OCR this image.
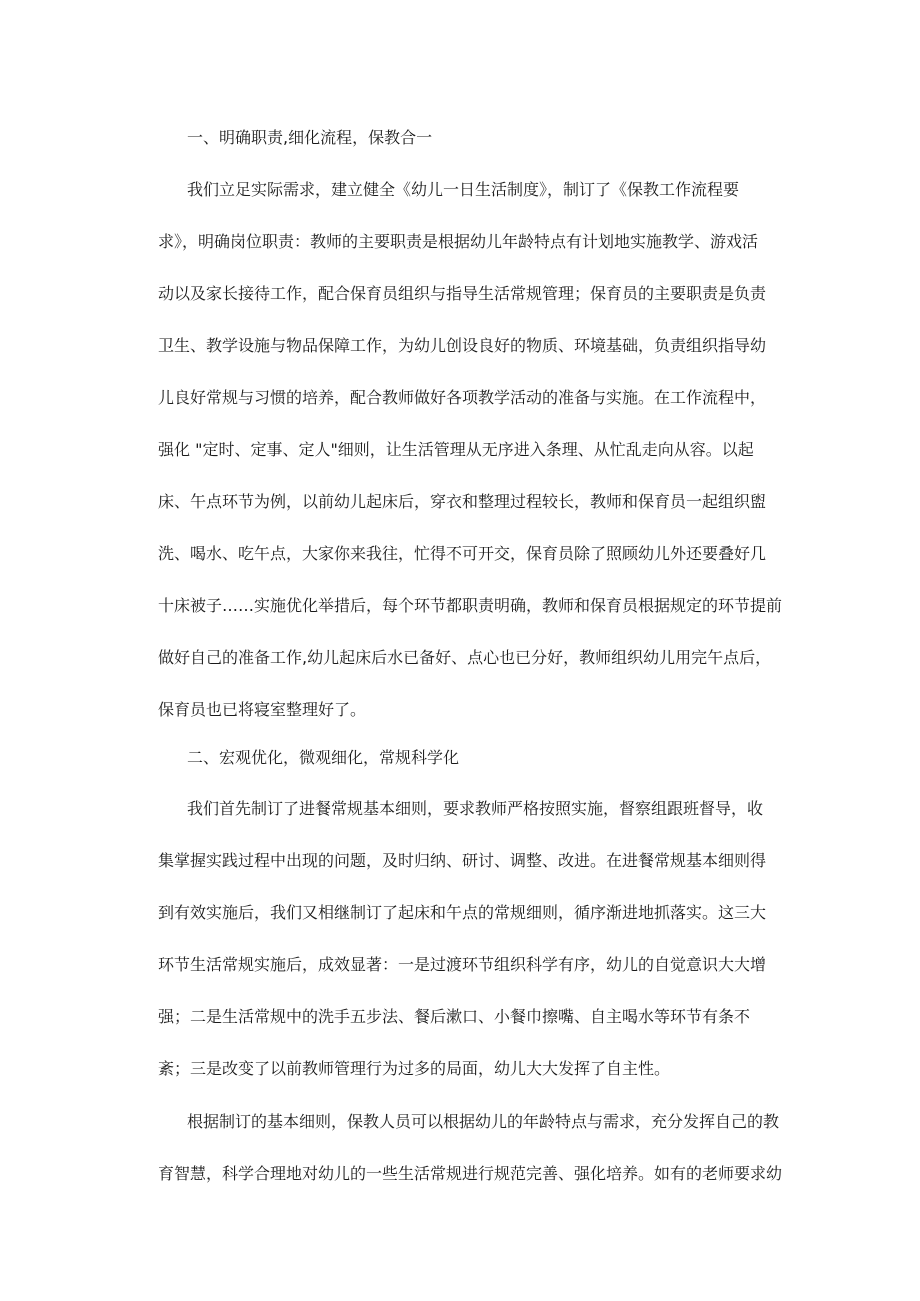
一、明确职责,细化流程，保教合一
我们立足实际需求，建立健全《幼儿一日生活制度》，制订了《保教工作流程要
求》，明确岗位职责：教师的主要职责是根据幼儿年龄特点有计划地实施教学、游戏活
动以及家长接待工作，配合保育员组织与指导生活常规管理；保育员的主要职责是负责
卫生、教学设施与物品保障工作，为幼儿创设良好的物质、环境基础，负责组织指导幼
儿良好常规与习惯的培养，配合教师做好各项教学活动的准备与实施。在工作流程中，
强化 "定时、定事、定人"细则，让生活管理从无序进入条理、从忙乱走向从容。以起
床、午点环节为例，以前幼儿起床后，穿衣和整理过程较长，教师和保育员一起组织盥
洗、喝水、吃午点，大家你来我往，忙得不可开交，保育员除了照顾幼儿外还要叠好几
十床被子……实施优化举措后，每个环节都职责明确，教师和保育员根据规定的环节提前
做好自己的准备工作,幼儿起床后水已备好、点心也已分好，教师组织幼儿用完午点后，
保育员也已将寝室整理好了。
二、宏观优化，微观细化，常规科学化
我们首先制订了进餐常规基本细则，要求教师严格按照实施，督察组跟班督导，收
集掌握实践过程中出现的问题，及时归纳、研讨、调整、改进。在进餐常规基本细则得
到有效实施后，我们又相继制订了起床和午点的常规细则，循序渐进地抓落实。这三大
环节生活常规实施后，成效显著：一是过渡环节组织科学有序，幼儿的自觉意识大大增
强；二是生活常规中的洗手五步法、餐后漱口、小餐巾擦嘴、自主喝水等环节有条不
紊；三是改变了以前教师管理行为过多的局面，幼儿大大发挥了自主性。
根据制订的基本细则，保教人员可以根据幼儿的年龄特点与需求，充分发挥自己的教
育智慧，科学合理地对幼儿的一些生活常规进行规范完善、强化培养。如有的老师要求幼
